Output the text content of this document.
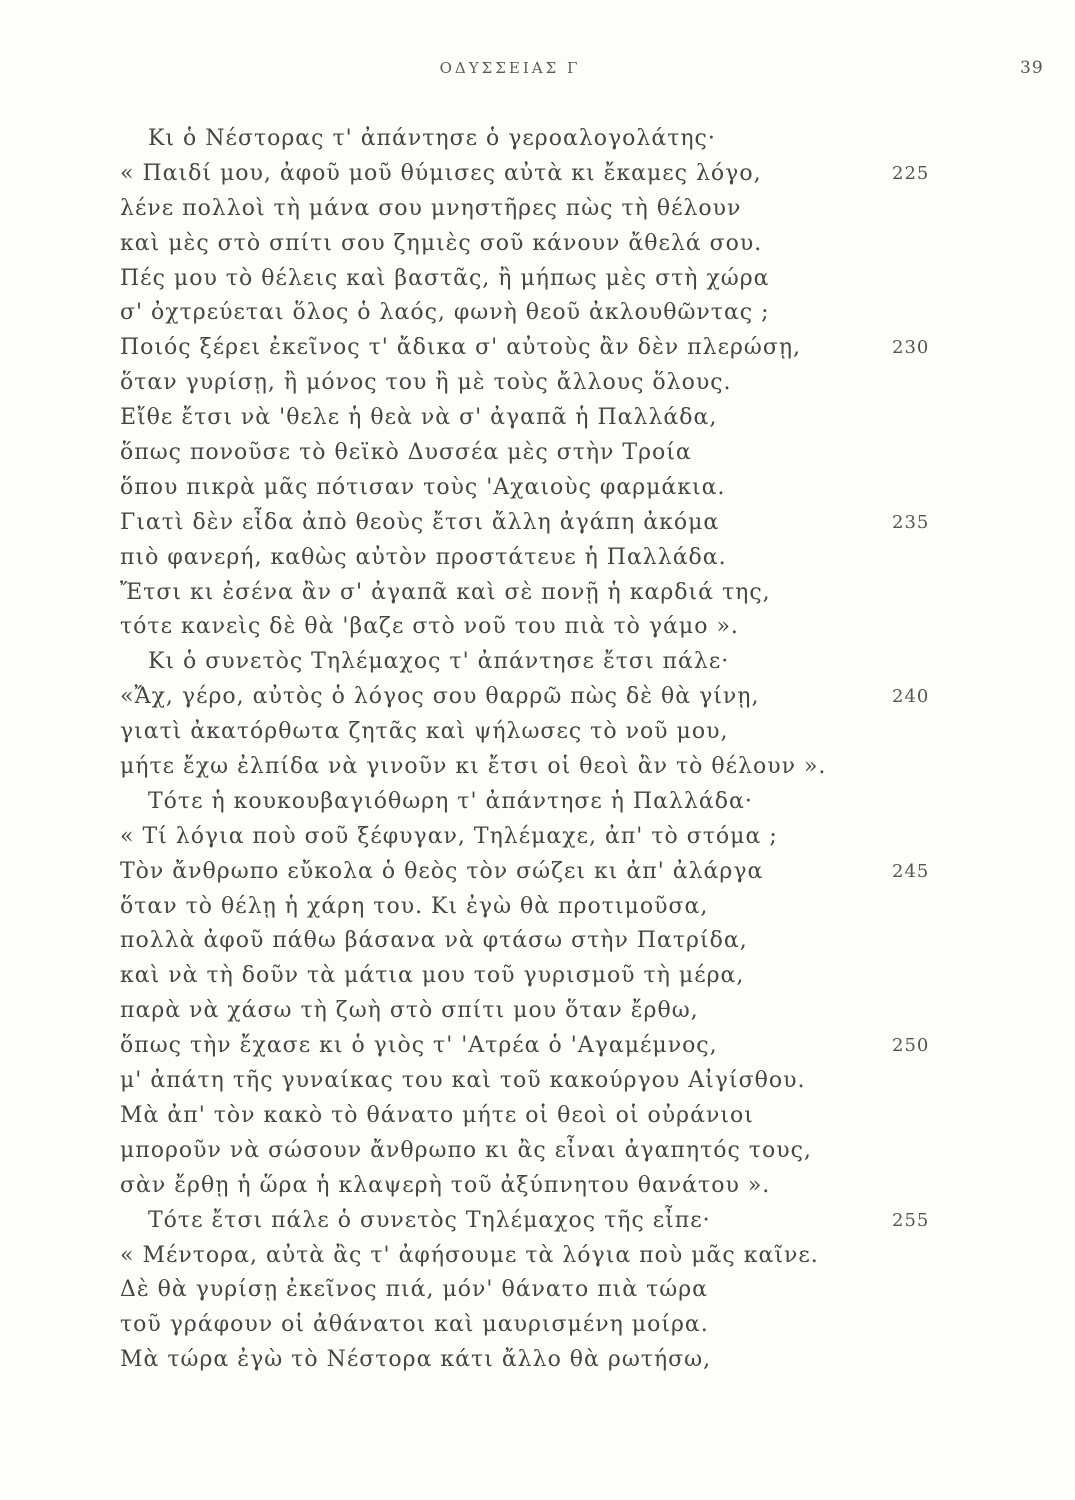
ΟΔΥΣΣΕΙΑΣ Γ	39
Κι ὁ Νέστορας τ' ἀπάντησε ὁ γεροαλογολάτης·
« Παιδί μου, ἀφοῦ μοῦ θύμισες αὐτὰ κι ἔκαμες λόγο,	225
λένε πολλοὶ τὴ μάνα σου μνηστῆρες πὼς τὴ θέλουν
καὶ μὲς στὸ σπίτι σου ζημιὲς σοῦ κάνουν ἄθελά σου.
Πές μου τὸ θέλεις καὶ βαστᾶς, ἢ μήπως μὲς στὴ χώρα
σ' ὀχτρεύεται ὅλος ὁ λαός, φωνὴ θεοῦ ἀκλουθῶντας ;
Ποιός ξέρει ἐκεῖνος τ' ἄδικα σ' αὐτοὺς ἂν δὲν πλερώσῃ,	230
ὅταν γυρίσῃ, ἢ μόνος του ἢ μὲ τοὺς ἄλλους ὅλους.
Εἴθε ἔτσι νὰ 'θελε ἡ θεὰ νὰ σ' ἀγαπᾶ ἡ Παλλάδα,
ὅπως πονοῦσε τὸ θεϊκὸ Δυσσέα μὲς στὴν Τροία
ὅπου πικρὰ μᾶς πότισαν τοὺς 'Αχαιοὺς φαρμάκια.
Γιατὶ δὲν εἶδα ἀπὸ θεοὺς ἔτσι ἄλλη ἀγάπη ἀκόμα	235
πιὸ φανερή, καθὼς αὐτὸν προστάτευε ἡ Παλλάδα.
Ἔτσι κι ἐσένα ἂν σ' ἀγαπᾶ καὶ σὲ πονῇ ἡ καρδιά της,
τότε κανεὶς δὲ θὰ 'βαζε στὸ νοῦ του πιὰ τὸ γάμο ».
Κι ὁ συνετὸς Τηλέμαχος τ' ἀπάντησε ἔτσι πάλε·
«Ἄχ, γέρο, αὐτὸς ὁ λόγος σου θαρρῶ πὼς δὲ θὰ γίνῃ,	240
γιατὶ ἀκατόρθωτα ζητᾶς καὶ ψήλωσες τὸ νοῦ μου,
μήτε ἔχω ἐλπίδα νὰ γινοῦν κι ἔτσι οἱ θεοὶ ἂν τὸ θέλουν ».
Τότε ἡ κουκουβαγιόθωρη τ' ἀπάντησε ἡ Παλλάδα·
« Τί λόγια ποὺ σοῦ ξέφυγαν, Τηλέμαχε, ἀπ' τὸ στόμα ;
Τὸν ἄνθρωπο εὔκολα ὁ θεὸς τὸν σώζει κι ἀπ' ἀλάργα	245
ὅταν τὸ θέλῃ ἡ χάρη του. Κι ἐγὼ θὰ προτιμοῦσα,
πολλὰ ἀφοῦ πάθω βάσανα νὰ φτάσω στὴν Πατρίδα,
καὶ νὰ τὴ δοῦν τὰ μάτια μου τοῦ γυρισμοῦ τὴ μέρα,
παρὰ νὰ χάσω τὴ ζωὴ στὸ σπίτι μου ὅταν ἔρθω,
ὅπως τὴν ἔχασε κι ὁ γιὸς τ' 'Ατρέα ὁ 'Αγαμέμνος,	250
μ' ἀπάτη τῆς γυναίκας του καὶ τοῦ κακούργου Αἰγίσθου.
Μὰ ἀπ' τὸν κακὸ τὸ θάνατο μήτε οἱ θεοὶ οἱ οὐράνιοι
μποροῦν νὰ σώσουν ἄνθρωπο κι ἂς εἶναι ἀγαπητός τους,
σὰν ἔρθῃ ἡ ὥρα ἡ κλαψερὴ τοῦ ἀξύπνητου θανάτου ».
Τότε ἔτσι πάλε ὁ συνετὸς Τηλέμαχος τῆς εἶπε·	255
« Μέντορα, αὐτὰ ἂς τ' ἀφήσουμε τὰ λόγια ποὺ μᾶς καῖνε.
Δὲ θὰ γυρίσῃ ἐκεῖνος πιά, μόν' θάνατο πιὰ τώρα
τοῦ γράφουν οἱ ἀθάνατοι καὶ μαυρισμένη μοίρα.
Μὰ τώρα ἐγὼ τὸ Νέστορα κάτι ἄλλο θὰ ρωτήσω,
